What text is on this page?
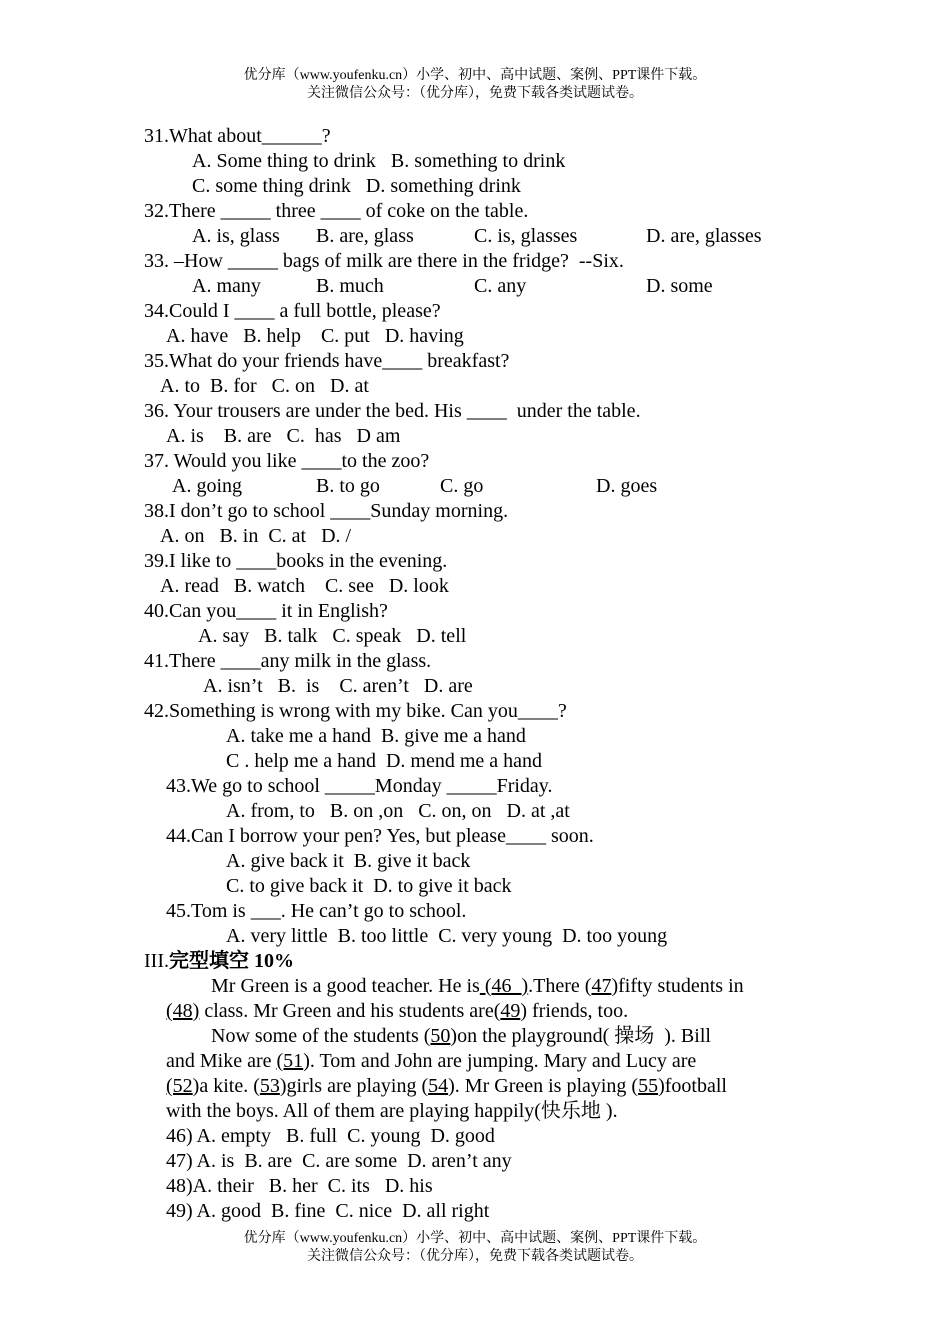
优分库（www.youfenku.cn）小学、初中、高中试题、案例、PPT课件下载。
关注微信公众号：（优分库），免费下载各类试题试卷。
31.What about______?
A. Some thing to drink   B. something to drink
C. some thing drink   D. something drink
32.There _____ three ____ of coke on the table.
A. is, glass B. are, glass	C. is, glasses	D. are, glasses
33. –How _____ bags of milk are there in the fridge?  --Six.
A. many	B. much	C. any	D. some
34.Could I ____ a full bottle, please?
A. have   B. help    C. put   D. having
35.What do your friends have____ breakfast?
A. to  B. for   C. on   D. at
36. Your trousers are under the bed. His ____  under the table.
A. is    B. are   C.  has   D am
37. Would you like ____to the zoo?
A. going	B. to go	C. go	D. goes
38.I don’t go to school ____Sunday morning.
A. on   B. in  C. at   D. /
39.I like to ____books in the evening.
A. read   B. watch    C. see   D. look
40.Can you____ it in English?
A. say   B. talk   C. speak   D. tell
41.There ____any milk in the glass.
A. isn’t   B.  is    C. aren’t   D. are
42.Something is wrong with my bike. Can you____?
A. take me a hand  B. give me a hand
C . help me a hand  D. mend me a hand
43.We go to school _____Monday _____Friday.
A. from, to   B. on ,on   C. on, on   D. at ,at
44.Can I borrow your pen? Yes, but please____ soon.
A. give back it  B. give it back
C. to give back it  D. to give it back
45.Tom is ___. He can’t go to school.
A. very little  B. too little  C. very young  D. too young
III.完型填空 10%
Mr Green is a good teacher. He is (46_).There (47)fifty students in
(48) class. Mr Green and his students are(49) friends, too.
Now some of the students (50)on the playground( 操场  ). Bill
and Mike are (51). Tom and John are jumping. Mary and Lucy are
(52)a kite. (53)girls are playing (54). Mr Green is playing (55)football
with the boys. All of them are playing happily(快乐地 ).
46) A. empty   B. full  C. young  D. good
47) A. is  B. are  C. are some  D. aren’t any
48)A. their   B. her  C. its   D. his
49) A. good  B. fine  C. nice  D. all right
优分库（www.youfenku.cn）小学、初中、高中试题、案例、PPT课件下载。
关注微信公众号：（优分库），免费下载各类试题试卷。
